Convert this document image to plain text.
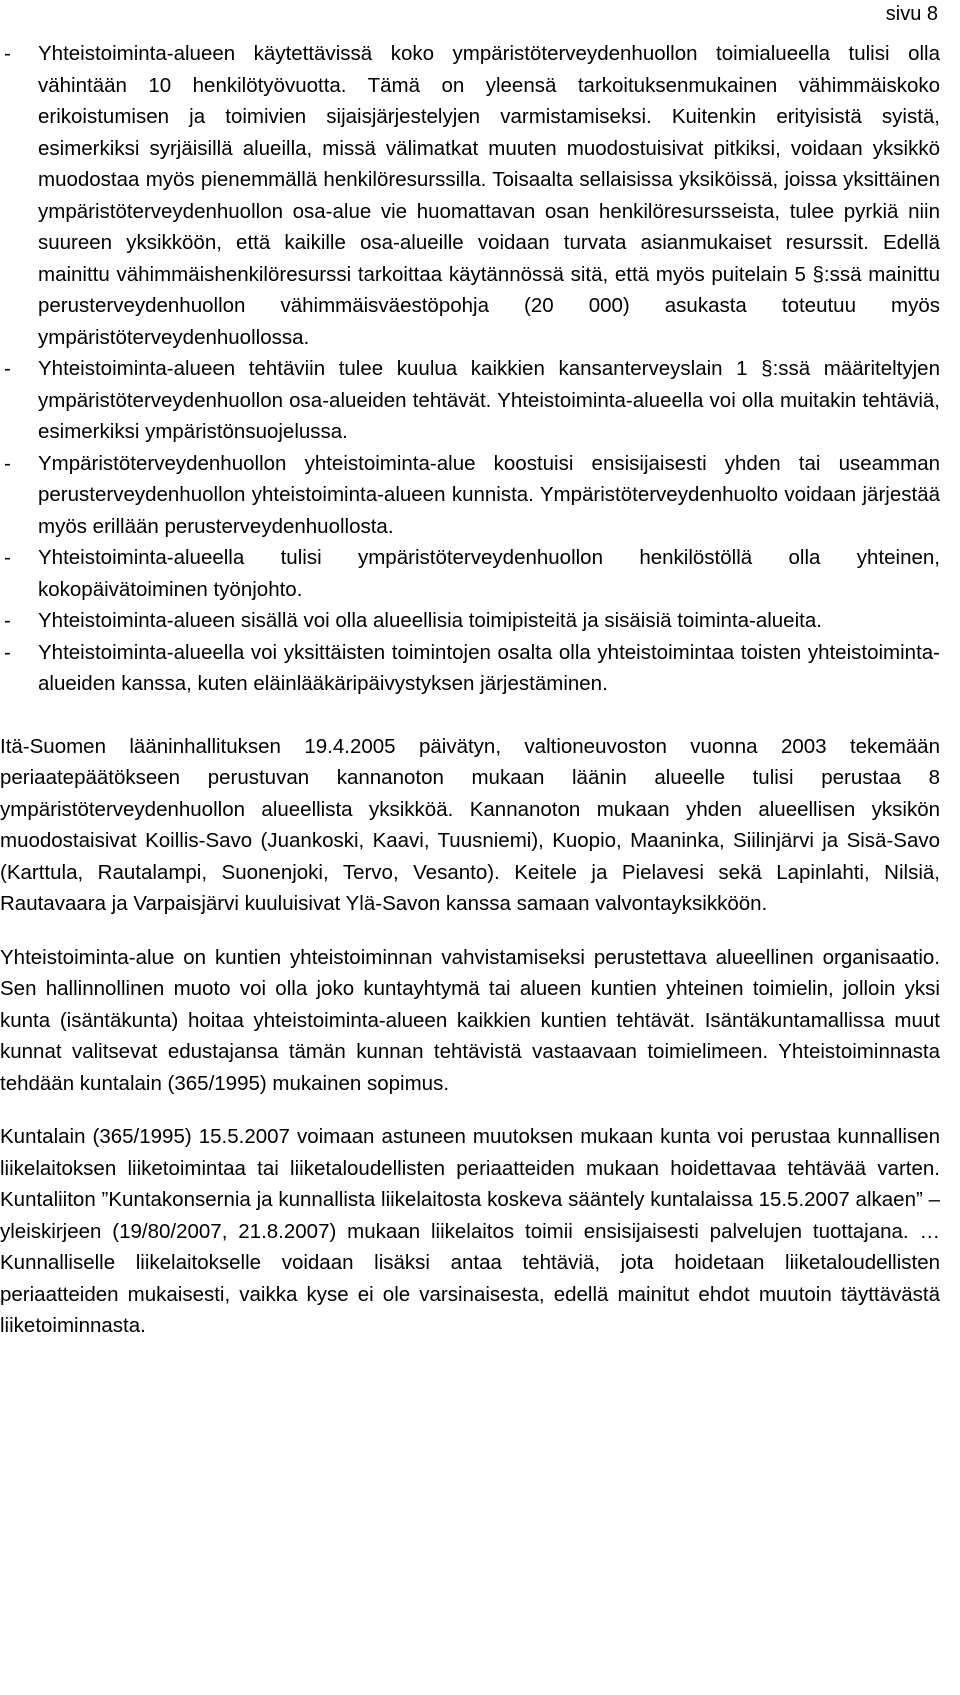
sivu 8
- Yhteistoiminta-alueen käytettävissä koko ympäristöterveydenhuollon toimialueella tulisi olla vähintään 10 henkilötyövuotta. Tämä on yleensä tarkoituksenmukainen vähimmäiskoko erikoistumisen ja toimivien sijaisjärjestelyjen varmistamiseksi. Kuitenkin erityisistä syistä, esimerkiksi syrjäisillä alueilla, missä välimatkat muuten muodostuisivat pitkiksi, voidaan yksikkö muodostaa myös pienemmällä henkilöresurssilla. Toisaalta sellaisissa yksiköissä, joissa yksittäinen ympäristöterveydenhuollon osa-alue vie huomattavan osan henkilöresursseista, tulee pyrkiä niin suureen yksikköön, että kaikille osa-alueille voidaan turvata asianmukaiset resurssit. Edellä mainittu vähimmäishenkilöresurssi tarkoittaa käytännössä sitä, että myös puitelain 5 §:ssä mainittu perusterveydenhuollon vähimmäisväestöpohja (20 000) asukasta toteutuu myös ympäristöterveydenhuollossa.
- Yhteistoiminta-alueen tehtäviin tulee kuulua kaikkien kansanterveyslain 1 §:ssä määriteltyjen ympäristöterveydenhuollon osa-alueiden tehtävät. Yhteistoiminta-alueella voi olla muitakin tehtäviä, esimerkiksi ympäristönsuojelussa.
- Ympäristöterveydenhuollon yhteistoiminta-alue koostuisi ensisijaisesti yhden tai useamman perusterveydenhuollon yhteistoiminta-alueen kunnista. Ympäristöterveydenhuolto voidaan järjestää myös erillään perusterveydenhuollosta.
- Yhteistoiminta-alueella tulisi ympäristöterveydenhuollon henkilöstöllä olla yhteinen, kokopäivätoiminen työnjohto.
- Yhteistoiminta-alueen sisällä voi olla alueellisia toimipisteitä ja sisäisiä toiminta-alueita.
- Yhteistoiminta-alueella voi yksittäisten toimintojen osalta olla yhteistoimintaa toisten yhteistoiminta-alueiden kanssa, kuten eläinlääkäripäivystyksen järjestäminen.

Itä-Suomen lääninhallituksen 19.4.2005 päivätyn, valtioneuvoston vuonna 2003 tekemään periaatepäätökseen perustuvan kannanoton mukaan läänin alueelle tulisi perustaa 8 ympäristöterveydenhuollon alueellista yksikköä. Kannanoton mukaan yhden alueellisen yksikön muodostaisivat Koillis-Savo (Juankoski, Kaavi, Tuusniemi), Kuopio, Maaninka, Siilinjärvi ja Sisä-Savo (Karttula, Rautalampi, Suonenjoki, Tervo, Vesanto). Keitele ja Pielavesi sekä Lapinlahti, Nilsiä, Rautavaara ja Varpaisjärvi kuuluisivat Ylä-Savon kanssa samaan valvontayksikköön.

Yhteistoiminta-alue on kuntien yhteistoiminnan vahvistamiseksi perustettava alueellinen organisaatio. Sen hallinnollinen muoto voi olla joko kuntayhtymä tai alueen kuntien yhteinen toimielin, jolloin yksi kunta (isäntäkunta) hoitaa yhteistoiminta-alueen kaikkien kuntien tehtävät. Isäntäkuntamallissa muut kunnat valitsevat edustajansa tämän kunnan tehtävistä vastaavaan toimielimeen. Yhteistoiminnasta tehdään kuntalain (365/1995) mukainen sopimus.

Kuntalain (365/1995) 15.5.2007 voimaan astuneen muutoksen mukaan kunta voi perustaa kunnallisen liikelaitoksen liiketoimintaa tai liiketaloudellisten periaatteiden mukaan hoidettavaa tehtävää varten. Kuntaliiton ”Kuntakonsernia ja kunnallista liikelaitosta koskeva sääntely kuntalaissa 15.5.2007 alkaen” – yleiskirjeen (19/80/2007, 21.8.2007) mukaan liikelaitos toimii ensisijaisesti palvelujen tuottajana. … Kunnalliselle liikelaitokselle voidaan lisäksi antaa tehtäviä, jota hoidetaan liiketaloudellisten periaatteiden mukaisesti, vaikka kyse ei ole varsinaisesta, edellä mainitut ehdot muutoin täyttävästä liiketoiminnasta.
